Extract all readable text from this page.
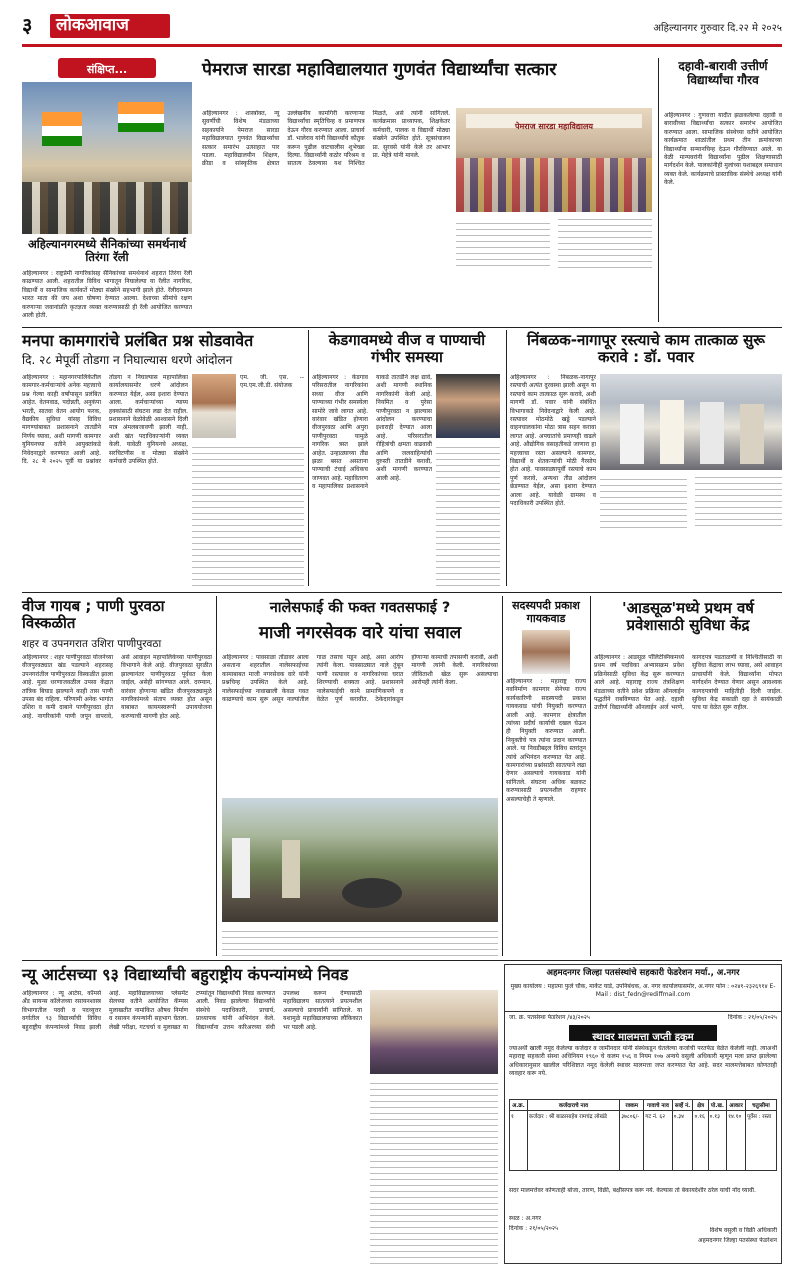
३ लोकआवाज	अहिल्यानगर गुरुवार दि.२२ मे २०२५
संक्षिप्त...
अहिल्यानगरमध्ये सैनिकांच्या समर्थनार्थ तिरंगा रॅली
अहिल्यानगर : राष्ट्रप्रेमी नागरिकांसह सैनिकांच्या समर्थनार्थ शहरात तिरंगा रॅली काढण्यात आली. शहरातील विविध भागातून निघालेल्या या रॅलीत नागरिक, विद्यार्थी व सामाजिक कार्यकर्ते मोठ्या संख्येने सहभागी झाले होते. रॅलीदरम्यान भारत माता की जय अशा घोषणा देण्यात आल्या. देशाच्या सीमांचे रक्षण करणाऱ्या जवानांप्रति कृतज्ञता व्यक्त करण्यासाठी ही रॅली आयोजित करण्यात आली होती.
पेमराज सारडा महाविद्यालयात गुणवंत विद्यार्थ्यांचा सत्कार
अहिल्यानगर : शास्त्रोक्त, न्यू सुवर्णीची विशेष मंडळाच्या सहकार्याने पेमराज सारडा महाविद्यालयात गुणवंत विद्यार्थ्यांचा सत्कार समारंभ उत्साहात पार पडला. महाविद्यालयीन शिक्षण, क्रीडा व सांस्कृतिक क्षेत्रात उल्लेखनीय कामगिरी करणाऱ्या विद्यार्थ्यांचा स्मृतिचिन्ह व प्रमाणपत्र देऊन गौरव करण्यात आला. प्राचार्य डॉ. भालेराव यांनी विद्यार्थ्यांचे कौतुक करून पुढील वाटचालीस शुभेच्छा दिल्या. विद्यार्थ्यांनी कठोर परिश्रम व सातत्य ठेवल्यास यश निश्चित मिळते, असे त्यांनी सांगितले. कार्यक्रमास प्राध्यापक, शिक्षकेतर कर्मचारी, पालक व विद्यार्थी मोठ्या संख्येने उपस्थित होते. सूत्रसंचालन प्रा. सुरवसे यांनी केले तर आभार प्रा. मेहेत्रे यांनी मानले.
पेमराज सारडा महाविद्यालय
दहावी-बारावी उत्तीर्ण विद्यार्थ्यांचा गौरव
अहिल्यानगर : गुणवत्ता यादीत झळकलेल्या दहावी व बारावीच्या विद्यार्थ्यांचा सत्कार समारंभ आयोजित करण्यात आला. सामाजिक संस्थेच्या वतीने आयोजित कार्यक्रमात शाळांतील प्रथम तीन क्रमांकाच्या विद्यार्थ्यांना सन्मानचिन्ह देऊन गौरविण्यात आले. या वेळी मान्यवरांनी विद्यार्थ्यांना पुढील शिक्षणासाठी मार्गदर्शन केले. पालकांनीही मुलांच्या यशाबद्दल समाधान व्यक्त केले. कार्यक्रमाचे प्रास्ताविक संस्थेचे अध्यक्ष यांनी केले.
मनपा कामगारांचे प्रलंबित प्रश्न सोडवावेत
दि. २८ मेपूर्वी तोडगा न निघाल्यास धरणे आंदोलन
अहिल्यानगर : महानगरपालिकेतील कामगार-कर्मचाऱ्यांचे अनेक महत्त्वाचे प्रश्न गेल्या काही वर्षांपासून प्रलंबित आहेत. वेतनवाढ, पदोन्नती, अनुकंपा भरती, सातवा वेतन आयोग फरक, वैद्यकीय सुविधा यांसह विविध मागण्यांबाबत प्रशासनाने तातडीने निर्णय घ्यावा, अशी मागणी कामगार युनियनच्या वतीने आयुक्तांकडे निवेदनाद्वारे करण्यात आली आहे. दि. २८ मे २०२५ पूर्वी या प्रश्नांवर तोडगा न निघाल्यास महापालिका कार्यालयासमोर धरणे आंदोलन करण्यात येईल, असा इशारा देण्यात आला. कर्मचाऱ्यांच्या न्याय्य हक्कांसाठी संघटना लढा देत राहील. प्रशासनाने वेळोवेळी आश्वासने दिली मात्र अंमलबजावणी झाली नाही, अशी खंत पदाधिकाऱ्यांनी व्यक्त केली. यावेळी युनियनचे अध्यक्ष, सरचिटणीस व मोठ्या संख्येने कर्मचारी उपस्थित होते.
एम. जी. एस. -- एम.एम.जी.डी. संयोजक
केडगावमध्ये वीज व पाण्याची गंभीर समस्या
अहिल्यानगर : केडगाव परिसरातील नागरिकांना सध्या वीज आणि पाण्याच्या गंभीर समस्येला सामोरे जावे लागत आहे. वारंवार खंडित होणारा वीजपुरवठा आणि अपुरा पाणीपुरवठा यामुळे नागरिक त्रस्त झाले आहेत. उन्हाळ्याच्या तीव्र झळा बसत असताना पाण्याची टंचाई अधिकच जाणवत आहे. महावितरण व महापालिका प्रशासनाने याकडे तातडीने लक्ष द्यावे, अशी मागणी स्थानिक नागरिकांनी केली आहे. नियमित व पुरेसा पाणीपुरवठा न झाल्यास आंदोलन करण्याचा इशाराही देण्यात आला आहे. परिसरातील रोहित्रांची क्षमता वाढवावी आणि जलवाहिन्यांची दुरुस्ती तातडीने करावी, अशी मागणी करण्यात आली आहे.
निंबळक-नागापूर रस्त्याचे काम तात्काळ सुरू करावे : डॉ. पवार
अहिल्यानगर : निंबळक-नागापूर रस्त्याची अत्यंत दुरवस्था झाली असून या रस्त्याचे काम तात्काळ सुरू करावे, अशी मागणी डॉ. पवार यांनी संबंधित विभागाकडे निवेदनाद्वारे केली आहे. रस्त्यावर मोठमोठे खड्डे पडल्याने वाहनचालकांना मोठा त्रास सहन करावा लागत आहे. अपघातांचे प्रमाणही वाढले आहे. औद्योगिक वसाहतीकडे जाणारा हा महत्त्वाचा रस्ता असल्याने कामगार, विद्यार्थी व शेतकऱ्यांची मोठी गैरसोय होत आहे. पावसाळ्यापूर्वी रस्त्याचे काम पूर्ण करावे, अन्यथा तीव्र आंदोलन छेडण्यात येईल, असा इशारा देण्यात आला आहे. यावेळी ग्रामस्थ व पदाधिकारी उपस्थित होते.
वीज गायब ; पाणी पुरवठा विस्कळीत
शहर व उपनगरात उशिरा पाणीपुरवठा
अहिल्यानगर : शहर पाणीपुरवठा योजनेच्या वीजपुरवठ्यात खंड पडल्याने शहरासह उपनगरांतील पाणीपुरवठा विस्कळीत झाला आहे. मुळा धरणाजवळील उपसा केंद्रात तांत्रिक बिघाड झाल्याने काही तास पाणी उपसा बंद राहिला. परिणामी अनेक भागांत उशिरा व कमी दाबाने पाणीपुरवठा होत आहे. नागरिकांनी पाणी जपून वापरावे, असे आवाहन महापालिकेच्या पाणीपुरवठा विभागाने केले आहे. वीजपुरवठा सुरळीत झाल्यानंतर पाणीपुरवठा पूर्ववत केला जाईल, असेही सांगण्यात आले. दरम्यान, वारंवार होणाऱ्या खंडित वीजपुरवठ्यामुळे नागरिकांमध्ये संताप व्यक्त होत असून याबाबत कायमस्वरूपी उपाययोजना करण्याची मागणी होत आहे.
नालेसफाई की फक्त गवतसफाई ?
माजी नगरसेवक वारे यांचा सवाल
अहिल्यानगर : पावसाळा तोंडावर आला असताना शहरातील नालेसफाईच्या कामाबाबत माजी नगरसेवक वारे यांनी प्रश्नचिन्ह उपस्थित केले आहे. नालेसफाईच्या नावाखाली केवळ गवत काढण्याचे काम सुरू असून नाल्यांतील गाळ तसाच पडून आहे, असा आरोप त्यांनी केला. पावसाळ्यात नाले तुंबून पाणी रस्त्यावर व नागरिकांच्या घरात शिरण्याची शक्यता आहे. प्रशासनाने नालेसफाईची कामे प्रामाणिकपणे व वेळेत पूर्ण करावीत. ठेकेदारांकडून होणाऱ्या कामाची तपासणी करावी, अशी मागणी त्यांनी केली. नागरिकांच्या जीविताशी खेळ सुरू असल्याचा आरोपही त्यांनी केला.
सदस्यपदी प्रकाश गायकवाड
अहिल्यानगर : महाराष्ट्र राज्य नवनिर्माण कामगार सेनेच्या राज्य कार्यकारिणी सदस्यपदी प्रकाश गायकवाड यांची नियुक्ती करण्यात आली आहे. कामगार क्षेत्रातील त्यांच्या प्रदीर्घ कार्याची दखल घेऊन ही नियुक्ती करण्यात आली. नियुक्तीचे पत्र त्यांना प्रदान करण्यात आले. या निवडीबद्दल विविध स्तरांतून त्यांचे अभिनंदन करण्यात येत आहे. कामगारांच्या प्रश्नांसाठी सातत्याने लढा देणार असल्याचे गायकवाड यांनी सांगितले. संघटना अधिक बळकट करण्यासाठी प्रयत्नशील राहणार असल्याचेही ते म्हणाले.
'आडसूळ'मध्ये प्रथम वर्ष प्रवेशासाठी सुविधा केंद्र
अहिल्यानगर : आडसूळ पॉलिटेक्निकमध्ये प्रथम वर्ष पदविका अभ्यासक्रम प्रवेश प्रक्रियेसाठी सुविधा केंद्र सुरू करण्यात आले आहे. महाराष्ट्र राज्य तंत्रशिक्षण मंडळाच्या वतीने प्रवेश प्रक्रिया ऑनलाईन पद्धतीने राबविण्यात येत आहे. दहावी उत्तीर्ण विद्यार्थ्यांनी ऑनलाईन अर्ज भरणे, कागदपत्र पडताळणी व निश्चितीसाठी या सुविधा केंद्राचा लाभ घ्यावा, असे आवाहन प्राचार्यांनी केले. विद्यार्थ्यांना मोफत मार्गदर्शन देण्यात येणार असून आवश्यक कागदपत्रांची माहितीही दिली जाईल. सुविधा केंद्र सकाळी दहा ते सायंकाळी पाच या वेळेत सुरू राहील.
न्यू आर्टसच्या ९३ विद्यार्थ्यांची बहुराष्ट्रीय कंपन्यांमध्ये निवड
अहिल्यानगर : न्यू आर्टस, कॉमर्स अँड सायन्स कॉलेजच्या रसायनशास्त्र विभागातील पदवी व पदव्युत्तर वर्गातील ९३ विद्यार्थ्यांची विविध बहुराष्ट्रीय कंपन्यांमध्ये निवड झाली आहे. महाविद्यालयाच्या प्लेसमेंट सेलच्या वतीने आयोजित कॅम्पस मुलाखतीत नामांकित औषध निर्माण व रसायन कंपन्यांनी सहभाग घेतला. लेखी परीक्षा, गटचर्चा व मुलाखत या टप्प्यांतून विद्यार्थ्यांची निवड करण्यात आली. निवड झालेल्या विद्यार्थ्यांचे संस्थेचे पदाधिकारी, प्राचार्य, प्राध्यापक यांनी अभिनंदन केले. विद्यार्थ्यांना उत्तम करिअरच्या संधी उपलब्ध करून देण्यासाठी महाविद्यालय सातत्याने प्रयत्नशील असल्याचे प्राचार्यांनी सांगितले. या यशामुळे महाविद्यालयाच्या लौकिकात भर पडली आहे.
अहमदनगर जिल्हा पतसंस्थांचे सहकारी फेडरेशन मर्या., अ.नगर
मुख्य कार्यालय : महात्मा फुले चौक, मार्केट यार्ड, उपनिबंधक, अ. नगर कार्यालयासमोर, अ.नगर फोन : ०२४१-२३२६९१४ E-Mail : dist_fedn@rediffmail.com
जा. क्र. पतसंस्था फेडरेशन /४३/२०२५	दिनांक : २१/०५/२०२५
स्थावर मालमत्ता जप्ती हुकूम
ज्याअर्थी खाली नमूद केलेल्या कर्जदार व जामीनदार यांनी संस्थेकडून घेतलेल्या कर्जाची परतफेड वेळेत केलेली नाही. त्याअर्थी महाराष्ट्र सहकारी संस्था अधिनियम १९६० चे कलम १५६ व नियम १०७ अन्वये वसुली अधिकारी म्हणून मला प्राप्त झालेल्या अधिकारानुसार खालील परिशिष्टात नमूद केलेली स्थावर मालमत्ता जप्त करण्यात येत आहे. सदर मालमत्तेबाबत कोणताही व्यवहार करू नये.
अ.क्र.	कर्जदाराचे नाव	रक्कम	गावाचे नाव	सर्व्हे नं.	क्षेत्र	पो.ख.	आकार	चतुःसीमा
१	कर्जदार : श्री बाळासाहेब रामचंद्र लोखंडे	३७८०६/-	गट नं. ६२	०.३४	०.१६	०.१३	१४.१०	पूर्वेस : रस्ता
सदर मालमत्तेवर कोणताही बोजा, तारण, विक्री, बक्षीसपत्र करू नये. केल्यास तो बेकायदेशीर ठरेल याची नोंद घ्यावी.
स्थळ : अ.नगर
दिनांक : २१/०५/२०२५	विशेष वसुली व विक्री अधिकारी
अहमदनगर जिल्हा पतसंस्था फेडरेशन
